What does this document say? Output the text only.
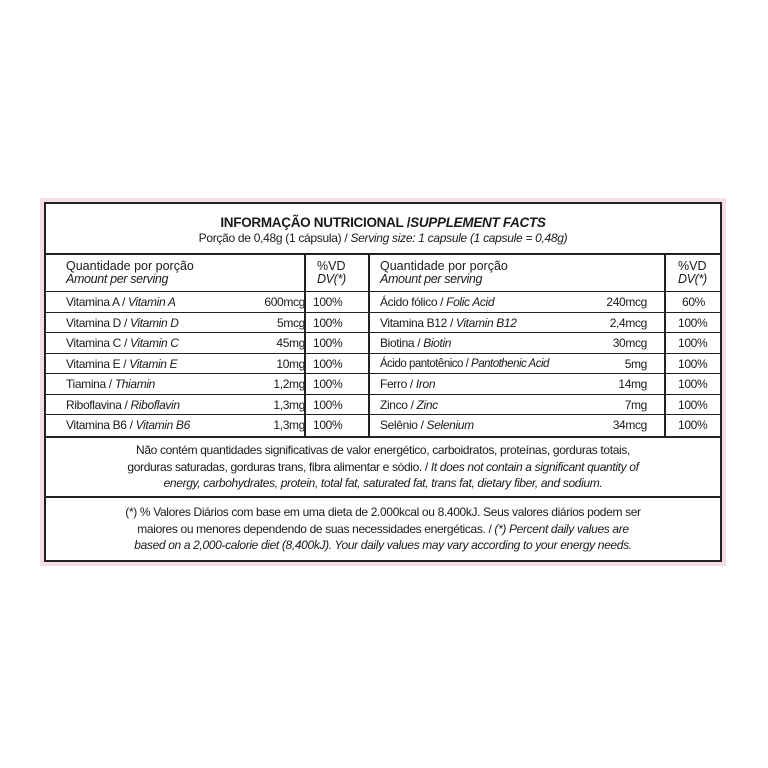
INFORMAÇÃO NUTRICIONAL /SUPPLEMENT FACTS
Porção de 0,48g (1 cápsula) / Serving size: 1 capsule (1 capsule = 0,48g)
Quantidade por porção
Amount per serving
%VD
DV(*)
Quantidade por porção
Amount per serving
%VD
DV(*)
Vitamina A / Vitamin A	600mcg 100%	Ácido fólico / Folic Acid	240mcg	60%
Vitamina D / Vitamin D	5mcg 100%	Vitamina B12 / Vitamin B12	2,4mcg	100%
Vitamina C / Vitamin C	45mg 100%	Biotina / Biotin	30mcg	100%
Vitamina E / Vitamin E	10mg 100%	Ácido pantotênico / Pantothenic Acid	5mg	100%
Tiamina / Thiamin	1,2mg 100%	Ferro / Iron	14mg	100%
Riboflavina / Riboflavin	1,3mg 100%	Zinco / Zinc	7mg	100%
Vitamina B6 / Vitamin B6	1,3mg 100%	Selênio / Selenium	34mcg	100%
Não contém quantidades significativas de valor energético, carboidratos, proteínas, gorduras totais,
gorduras saturadas, gorduras trans, fibra alimentar e sódio. / It does not contain a significant quantity of
energy, carbohydrates, protein, total fat, saturated fat, trans fat, dietary fiber, and sodium.
(*) % Valores Diários com base em uma dieta de 2.000kcal ou 8.400kJ. Seus valores diários podem ser
maiores ou menores dependendo de suas necessidades energéticas. / (*) Percent daily values are
based on a 2,000-calorie diet (8,400kJ). Your daily values may vary according to your energy needs.
